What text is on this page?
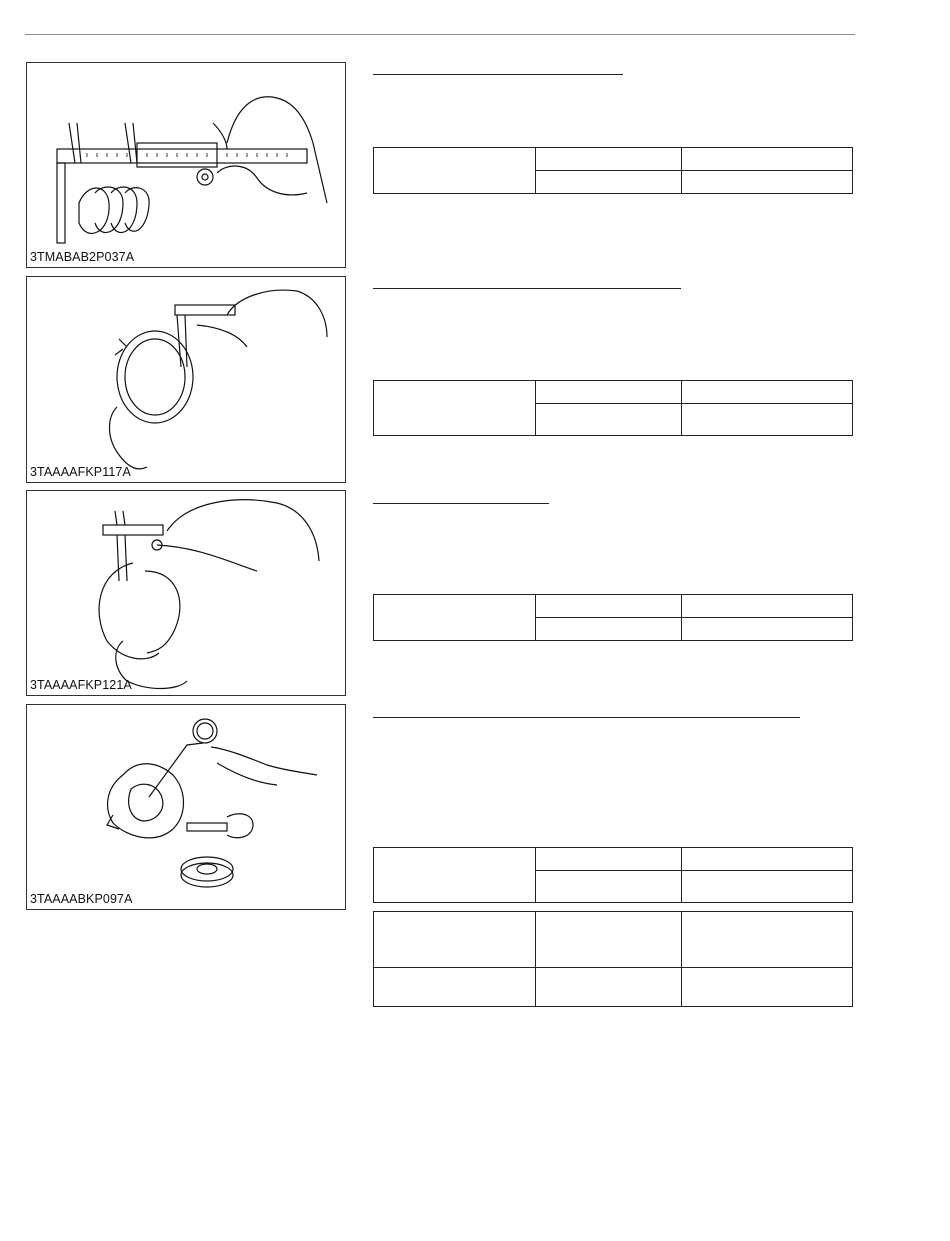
3TMABAB2P037A
3TAAAAFKP117A
3TAAAAFKP121A
3TAAAABKP097A
